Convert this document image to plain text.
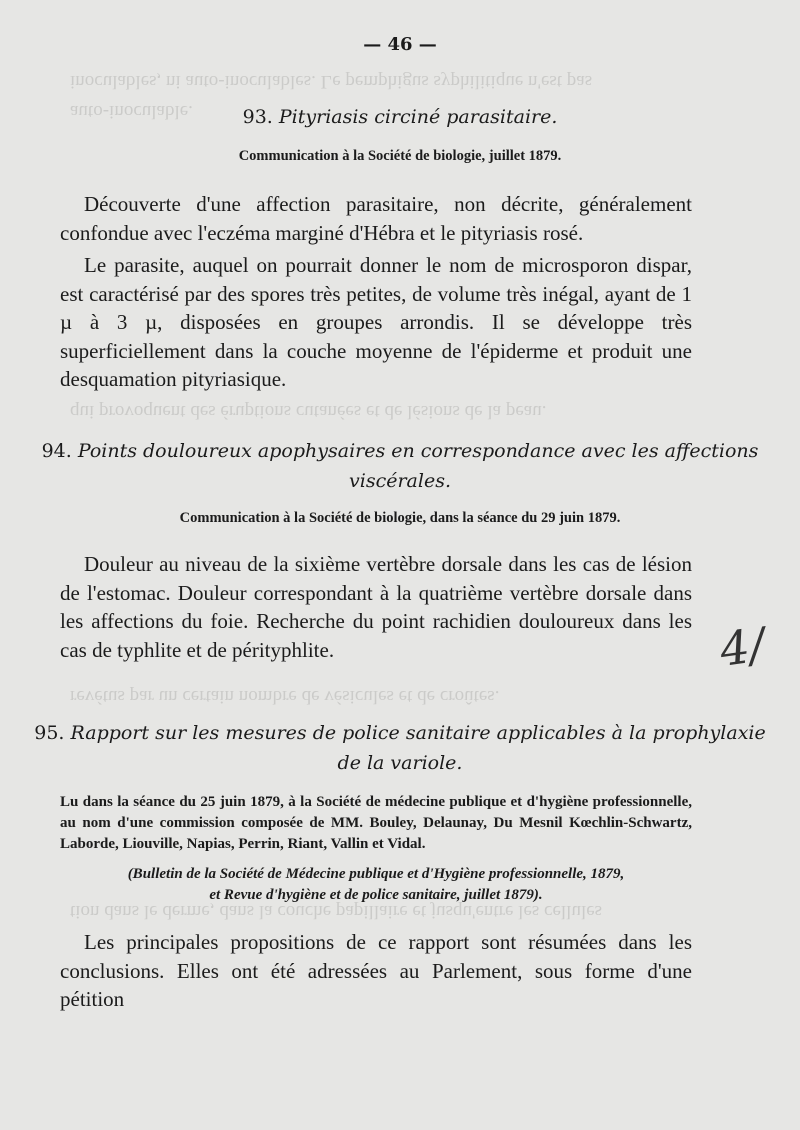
inoculables, ni auto-inoculables. Le pemphigus syphilitique n'est pas
auto-inoculable.
qui provoquent des éruptions cutanées et de lésions de la peau.
revétus par un certain nombre de vésicules et de croûtes.
tion dans le derme, dans la couche papillaire et jusqu'entre les cellules
— 46 —
93. Pityriasis circiné parasitaire.
Communication à la Société de biologie, juillet 1879.
Découverte d'une affection parasitaire, non décrite, généralement confondue avec l'eczéma marginé d'Hébra et le pityriasis rosé.
Le parasite, auquel on pourrait donner le nom de microsporon dispar, est caractérisé par des spores très petites, de volume très inégal, ayant de 1 µ à 3 µ, disposées en groupes arrondis. Il se développe très superficiellement dans la couche moyenne de l'épiderme et produit une desquamation pityriasique.
94. Points douloureux apophysaires en correspondance avec les affections
viscérales.
Communication à la Société de biologie, dans la séance du 29 juin 1879.
Douleur au niveau de la sixième vertèbre dorsale dans les cas de lésion de l'estomac. Douleur correspondant à la quatrième vertèbre dorsale dans les affections du foie. Recherche du point rachidien douloureux dans les cas de typhlite et de pérityphlite.
95. Rapport sur les mesures de police sanitaire applicables à la prophylaxie
de la variole.
Lu dans la séance du 25 juin 1879, à la Société de médecine publique et d'hygiène professionnelle, au nom d'une commission composée de MM. Bouley, Delaunay, Du Mesnil Kœchlin-Schwartz, Laborde, Liouville, Napias, Perrin, Riant, Vallin et Vidal.
(Bulletin de la Société de Médecine publique et d'Hygiène professionnelle, 1879,
et Revue d'hygiène et de police sanitaire, juillet 1879).
Les principales propositions de ce rapport sont résumées dans les conclusions. Elles ont été adressées au Parlement, sous forme d'une pétition
4/
